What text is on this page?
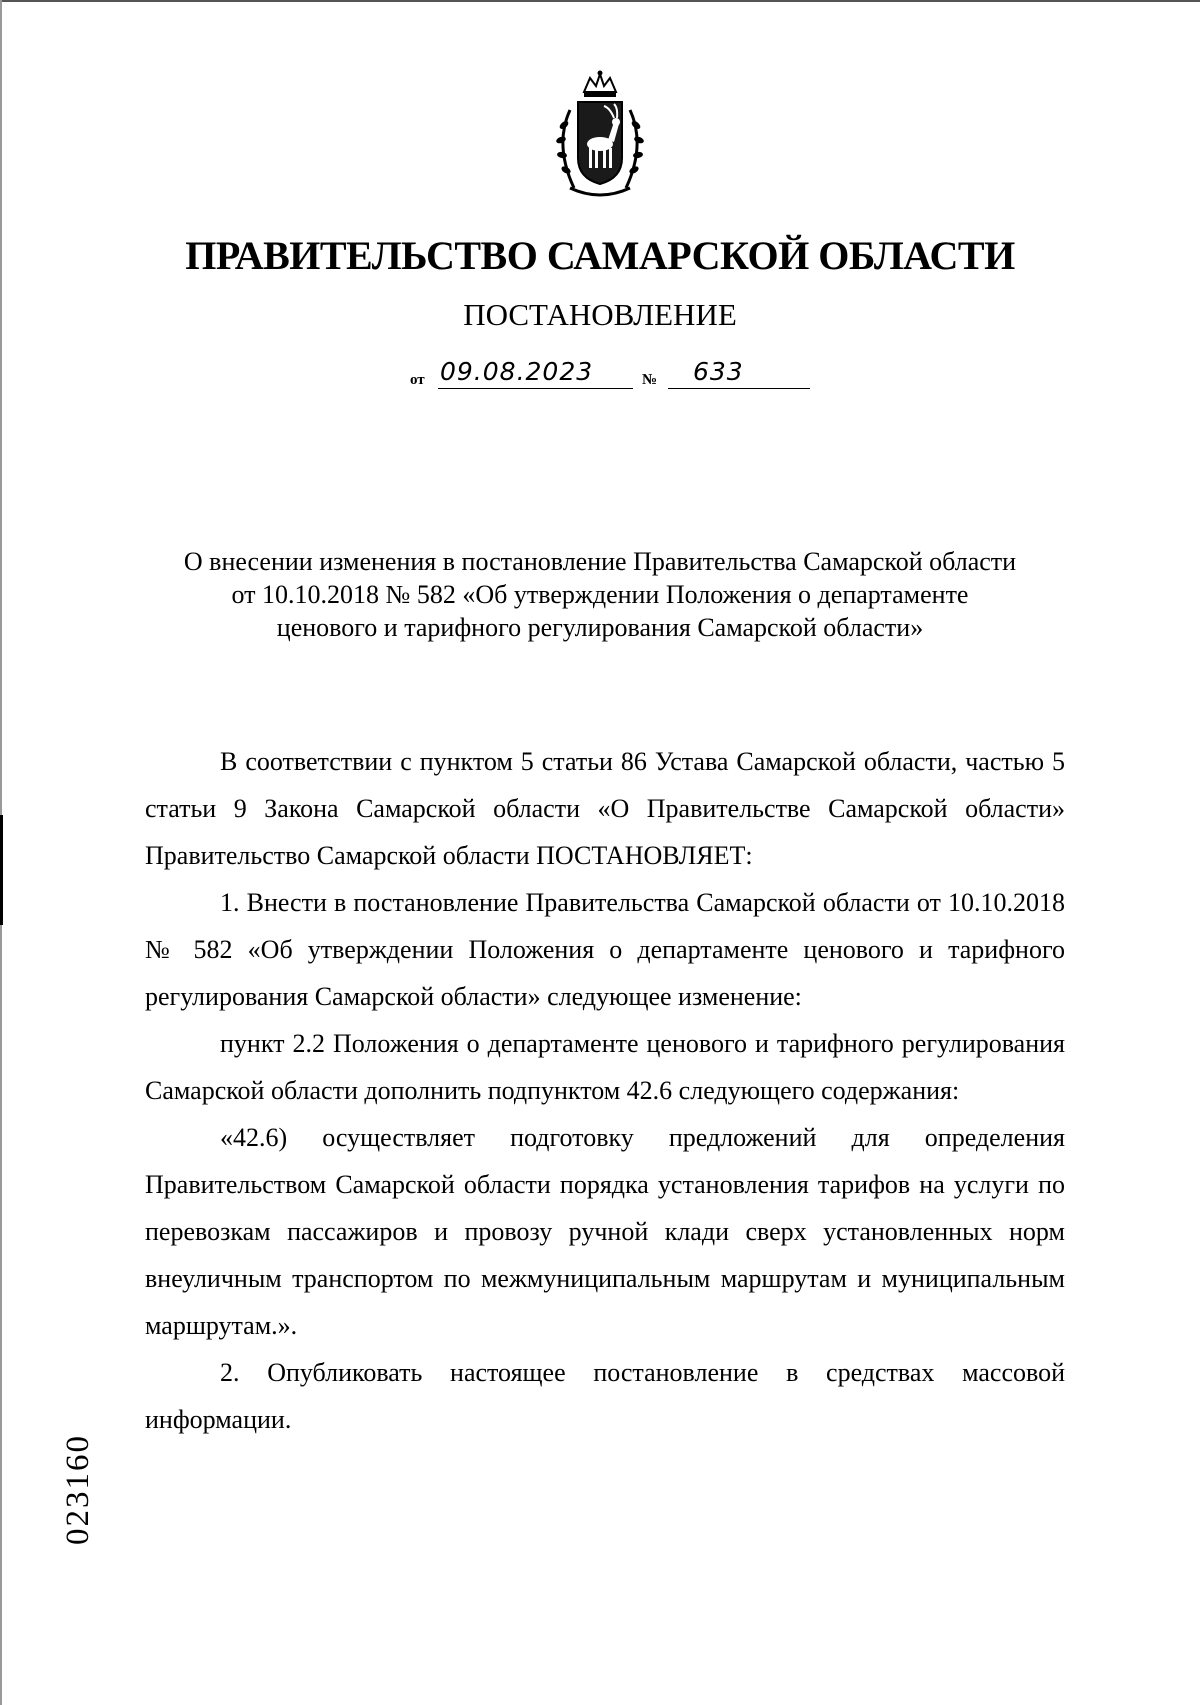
ПРАВИТЕЛЬСТВО САМАРСКОЙ ОБЛАСТИ
ПОСТАНОВЛЕНИЕ
от 09.08.2023	№ 633
О внесении изменения в постановление Правительства Самарской области
от 10.10.2018 № 582 «Об утверждении Положения о департаменте
ценового и тарифного регулирования Самарской области»

В соответствии с пунктом 5 статьи 86 Устава Самарской области, частью 5 статьи 9 Закона Самарской области «О Правительстве Самарской области» Правительство Самарской области ПОСТАНОВЛЯЕТ:

1. Внести в постановление Правительства Самарской области от 10.10.2018 № 582 «Об утверждении Положения о департаменте ценового и тарифного регулирования Самарской области» следующее изменение:

пункт 2.2 Положения о департаменте ценового и тарифного регулирования Самарской области дополнить подпунктом 42.6 следующего содержания:

«42.6) осуществляет подготовку предложений для определения Правительством Самарской области порядка установления тарифов на услуги по перевозкам пассажиров и провозу ручной клади сверх установленных норм внеуличным транспортом по межмуниципальным маршрутам и муниципальным маршрутам.».

2. Опубликовать настоящее постановление в средствах массовой информации.

023160
